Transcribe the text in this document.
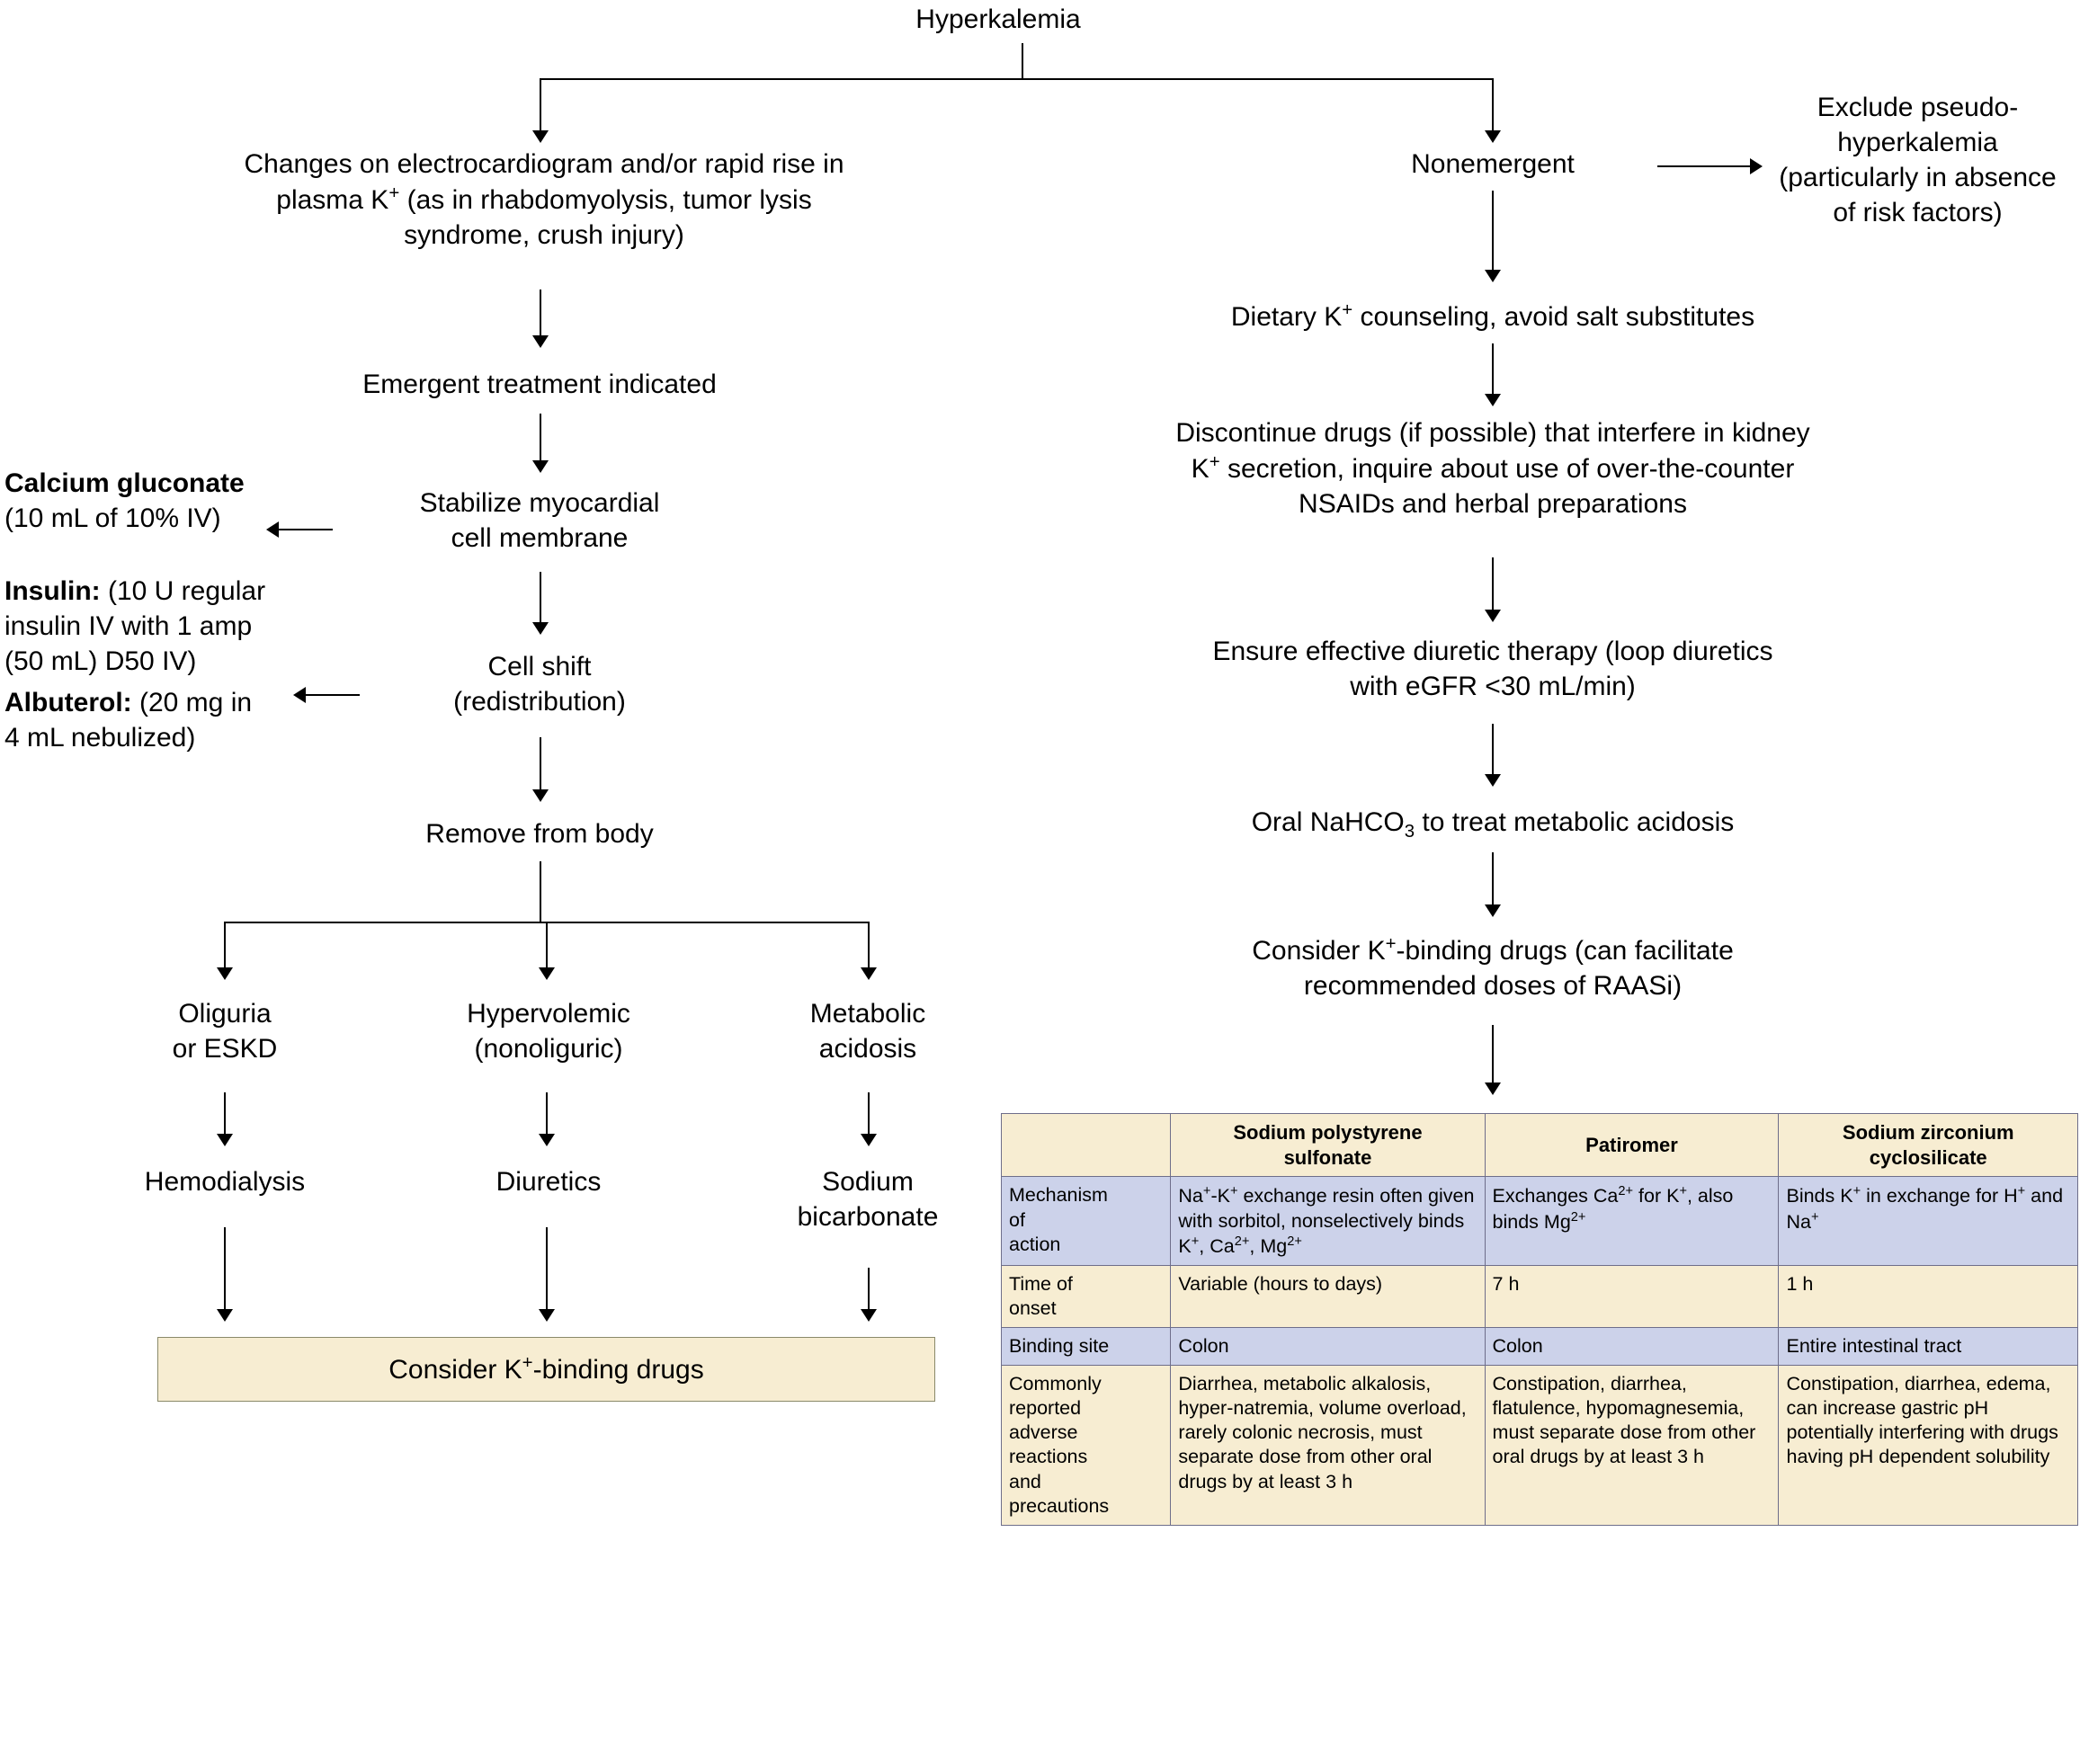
Hyperkalemia
Changes on electrocardiogram and/or rapid rise in
plasma K+ (as in rhabdomyolysis, tumor lysis
syndrome, crush injury)
Emergent treatment indicated
Stabilize myocardial
cell membrane
Calcium gluconate
(10 mL of 10% IV)
Cell shift
(redistribution)
Insulin: (10 U regular
insulin IV with 1 amp
(50 mL) D50 IV)
Albuterol: (20 mg in
4 mL nebulized)
Remove from body
Oliguria
or ESKD
Hypervolemic
(nonoliguric)
Metabolic
acidosis
Hemodialysis	Diuretics	Sodium
bicarbonate
Consider K+-binding drugs
Nonemergent
Exclude pseudo-
hyperkalemia
(particularly in absence
of risk factors)
Dietary K+ counseling, avoid salt substitutes
Discontinue drugs (if possible) that interfere in kidney
K+ secretion, inquire about use of over-the-counter
NSAIDs and herbal preparations
Ensure effective diuretic therapy (loop diuretics
with eGFR <30 mL/min)
Oral NaHCO$_3$ to treat metabolic acidosis
Consider K+-binding drugs (can facilitate
recommended doses of RAASi)
	Sodium polystyrene
sulfonate	Patiromer	Sodium zirconium
cyclosilicate
Mechanism
of
action	Na+-K+ exchange resin often given with sorbitol, nonselectively binds K+, $Ca^{2+}$, $Mg^{2+}$	Exchanges $Ca^{2+}$ for K+, also binds $Mg^{2+}$	Binds K+ in exchange for H+ and Na+
Time of
onset	Variable (hours to days)	7 h	1 h
Binding site	Colon	Colon	Entire intestinal tract
Commonly
reported
adverse
reactions
and
precautions	Diarrhea, metabolic alkalosis, hyper-natremia, volume overload, rarely colonic necrosis, must separate dose from other oral drugs by at least 3 h	Constipation, diarrhea, flatulence, hypomagnesemia, must separate dose from other oral drugs by at least 3 h	Constipation, diarrhea, edema, can increase gastric pH potentially interfering with drugs having pH dependent solubility
